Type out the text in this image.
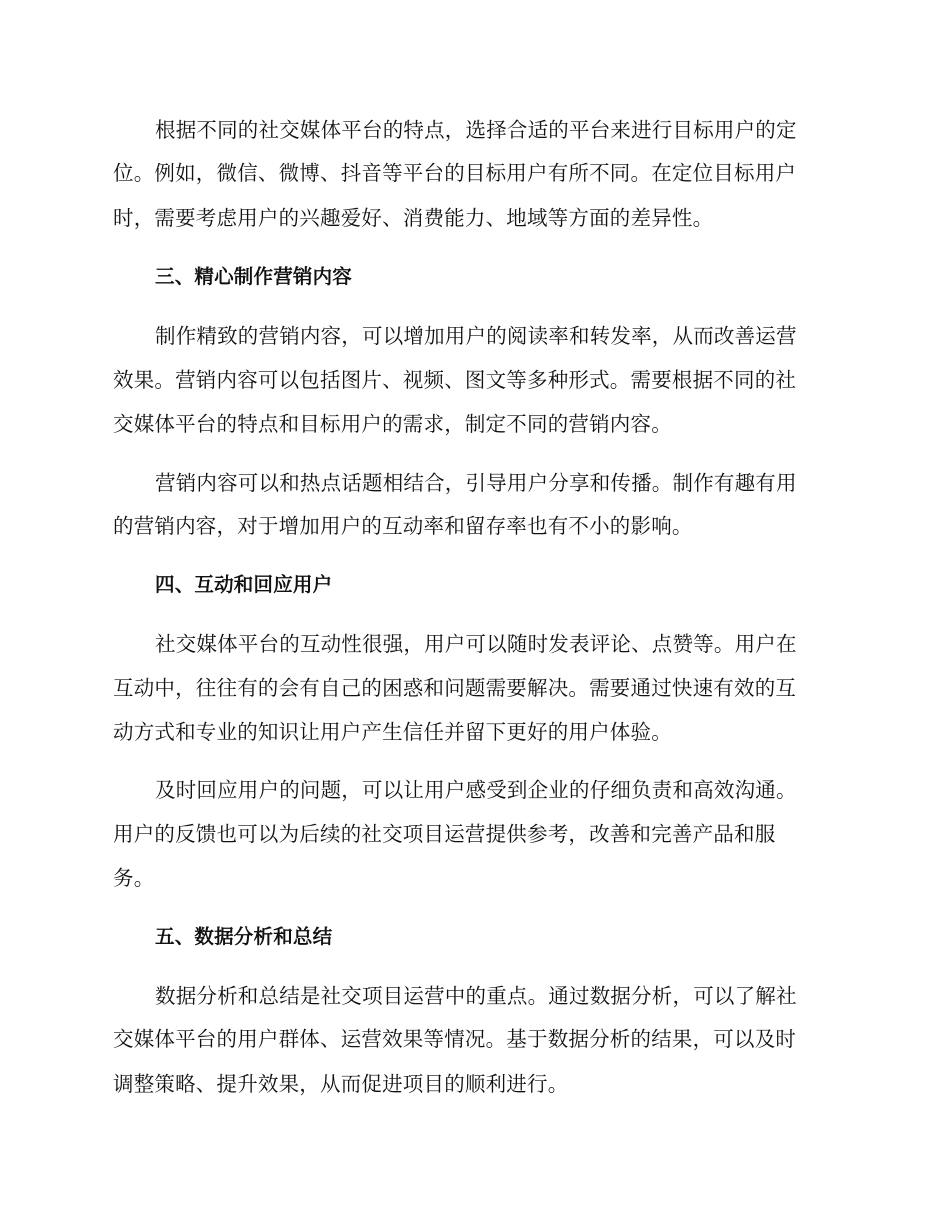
根据不同的社交媒体平台的特点，选择合适的平台来进行目标用户的定
位。例如，微信、微博、抖音等平台的目标用户有所不同。在定位目标用户
时，需要考虑用户的兴趣爱好、消费能力、地域等方面的差异性。
三、精心制作营销内容
制作精致的营销内容，可以增加用户的阅读率和转发率，从而改善运营
效果。营销内容可以包括图片、视频、图文等多种形式。需要根据不同的社
交媒体平台的特点和目标用户的需求，制定不同的营销内容。
营销内容可以和热点话题相结合，引导用户分享和传播。制作有趣有用
的营销内容，对于增加用户的互动率和留存率也有不小的影响。
四、互动和回应用户
社交媒体平台的互动性很强，用户可以随时发表评论、点赞等。用户在
互动中，往往有的会有自己的困惑和问题需要解决。需要通过快速有效的互
动方式和专业的知识让用户产生信任并留下更好的用户体验。
及时回应用户的问题，可以让用户感受到企业的仔细负责和高效沟通。
用户的反馈也可以为后续的社交项目运营提供参考，改善和完善产品和服
务。
五、数据分析和总结
数据分析和总结是社交项目运营中的重点。通过数据分析，可以了解社
交媒体平台的用户群体、运营效果等情况。基于数据分析的结果，可以及时
调整策略、提升效果，从而促进项目的顺利进行。
